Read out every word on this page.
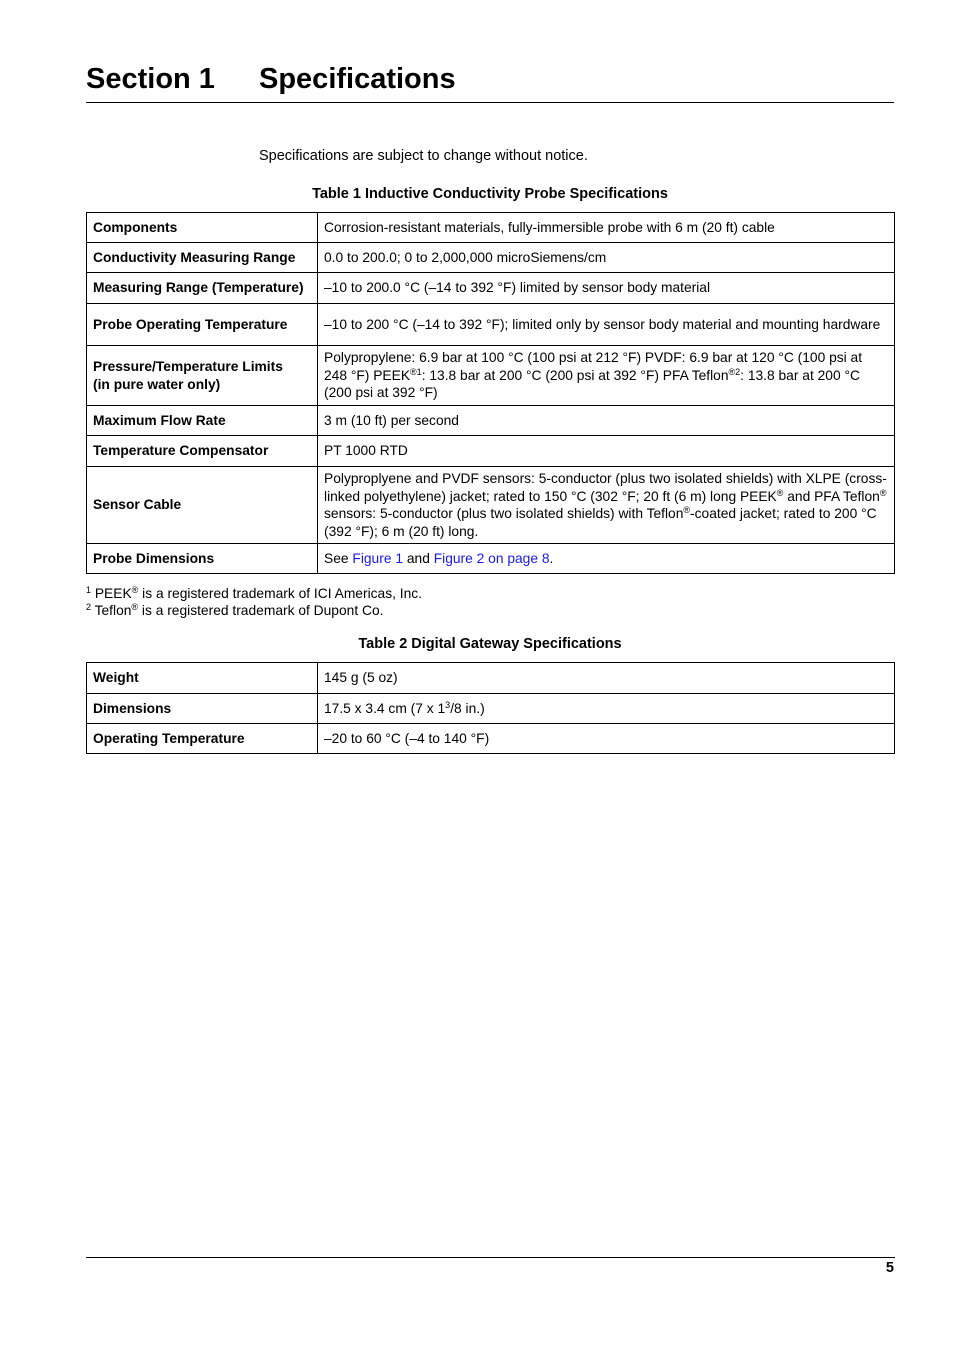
Section 1 Specifications
Specifications are subject to change without notice.
Table 1 Inductive Conductivity Probe Specifications
Components	Corrosion-resistant materials, fully-immersible probe with 6 m (20 ft) cable
Conductivity Measuring Range	0.0 to 200.0; 0 to 2,000,000 microSiemens/cm
Measuring Range (Temperature)	–10 to 200.0 °C (–14 to 392 °F) limited by sensor body material
Probe Operating Temperature	–10 to 200 °C (–14 to 392 °F); limited only by sensor body material and mounting hardware
Pressure/Temperature Limits
(in pure water only)	Polypropylene: 6.9 bar at 100 °C (100 psi at 212 °F) PVDF: 6.9 bar at 120 °C (100 psi at 248 °F) $PEEK^{®1}$: 13.8 bar at 200 °C (200 psi at 392 °F) PFA Teflon$^{®2}$: 13.8 bar at 200 °C (200 psi at 392 °F)
Maximum Flow Rate	3 m (10 ft) per second
Temperature Compensator	PT 1000 RTD
Sensor Cable	Polyproplyene and PVDF sensors: 5-conductor (plus two isolated shields) with XLPE (cross-linked polyethylene) jacket; rated to 150 °C (302 °F; 20 ft (6 m) long PEEK® and PFA Teflon® sensors: 5-conductor (plus two isolated shields) with Teflon®-coated jacket; rated to 200 °C (392 °F); 6 m (20 ft) long.
Probe Dimensions	See Figure 1 and Figure 2 on page 8.
$^1$ PEEK® is a registered trademark of ICI Americas, Inc.
$^2$ Teflon® is a registered trademark of Dupont Co.
Table 2 Digital Gateway Specifications
Weight	145 g (5 oz)
Dimensions	17.5 x 3.4 cm (7 x $1^3/8$ in.)
Operating Temperature	–20 to 60 °C (–4 to 140 °F)
5
